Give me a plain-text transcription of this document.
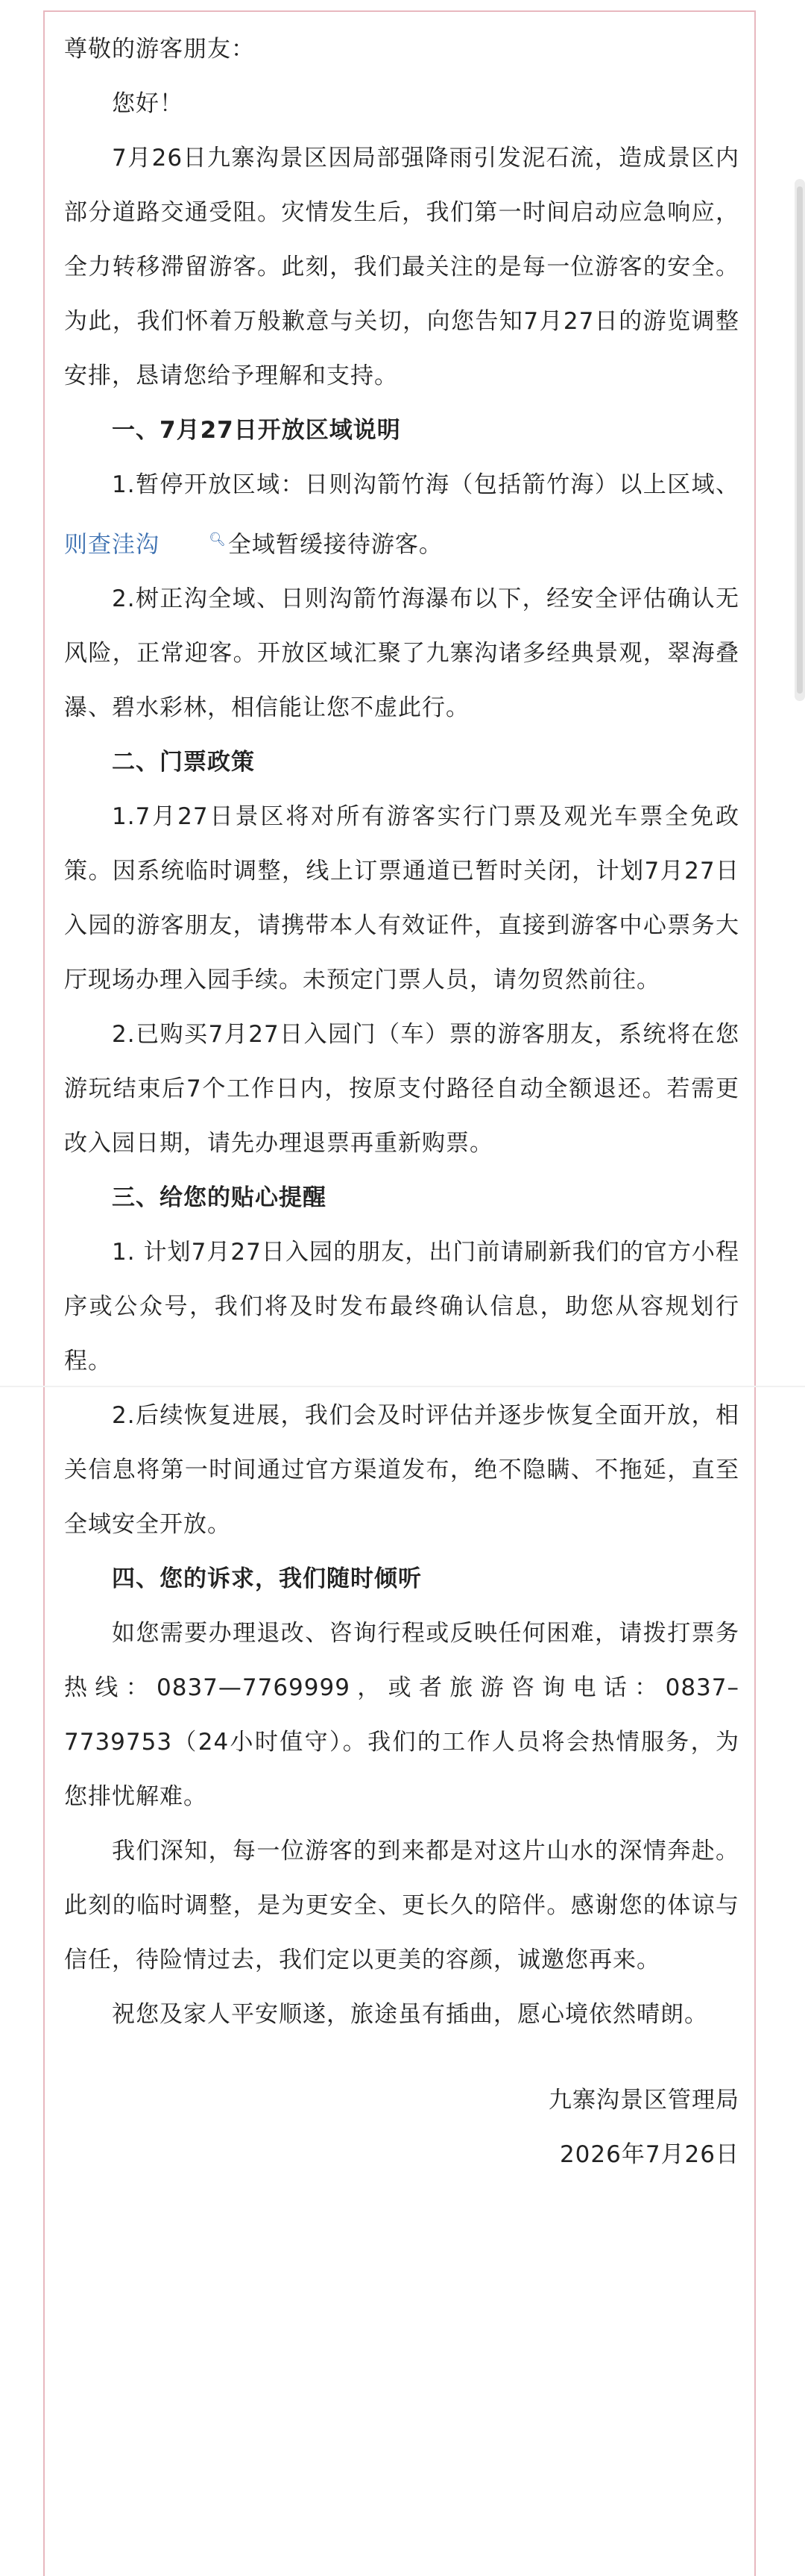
尊敬的游客朋友：

您好！

7月26日九寨沟景区因局部强降雨引发泥石流，造成景区内部分道路交通受阻。灾情发生后，我们第一时间启动应急响应，全力转移滞留游客。此刻，我们最关注的是每一位游客的安全。为此，我们怀着万般歉意与关切，向您告知7月27日的游览调整安排，恳请您给予理解和支持。

一、7月27日开放区域说明

1.暂停开放区域：日则沟箭竹海（包括箭竹海）以上区域、则查洼沟	🔍︎全域暂缓接待游客。

2.树正沟全域、日则沟箭竹海瀑布以下，经安全评估确认无风险，正常迎客。开放区域汇聚了九寨沟诸多经典景观，翠海叠瀑、碧水彩林，相信能让您不虚此行。

二、门票政策

1.7月27日景区将对所有游客实行门票及观光车票全免政策。因系统临时调整，线上订票通道已暂时关闭，计划7月27日入园的游客朋友，请携带本人有效证件，直接到游客中心票务大厅现场办理入园手续。未预定门票人员，请勿贸然前往。

2.已购买7月27日入园门（车）票的游客朋友，系统将在您游玩结束后7个工作日内，按原支付路径自动全额退还。若需更改入园日期，请先办理退票再重新购票。

三、给您的贴心提醒

1. 计划7月27日入园的朋友，出门前请刷新我们的官方小程序或公众号，我们将及时发布最终确认信息，助您从容规划行程。

2.后续恢复进展，我们会及时评估并逐步恢复全面开放，相关信息将第一时间通过官方渠道发布，绝不隐瞒、不拖延，直至全域安全开放。

四、您的诉求，我们随时倾听

如您需要办理退改、咨询行程或反映任何困难，请拨打票务热线：0837—7769999，或者旅游咨询电话：0837–7739753（24小时值守）。我们的工作人员将会热情服务，为您排忧解难。

我们深知，每一位游客的到来都是对这片山水的深情奔赴。此刻的临时调整，是为更安全、更长久的陪伴。感谢您的体谅与信任，待险情过去，我们定以更美的容颜，诚邀您再来。

祝您及家人平安顺遂，旅途虽有插曲，愿心境依然晴朗。

九寨沟景区管理局

2026年7月26日
